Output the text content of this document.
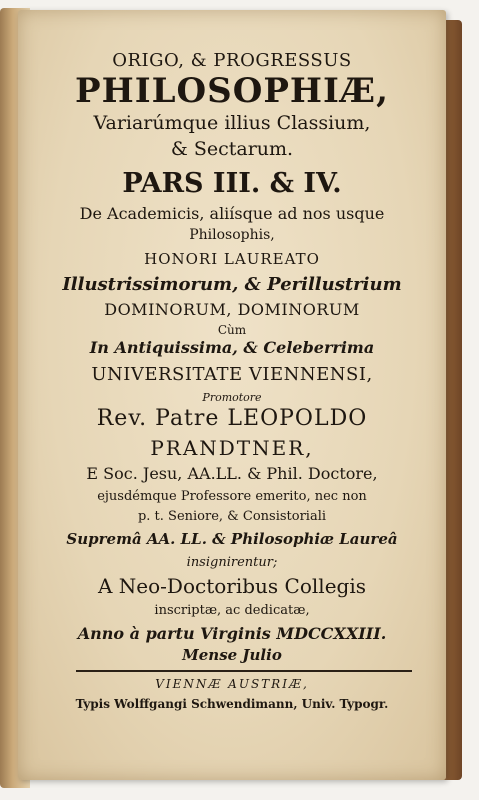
ORIGO, & PROGRESSUS
PHILOSOPHIÆ,
Variarúmque illius Classium,
& Sectarum.
PARS III. & IV.
De Academicis, aliísque ad nos usque
Philosophis,
HONORI LAUREATO
Illustrissimorum, & Perillustrium
DOMINORUM, DOMINORUM
Cùm
In Antiquissima, & Celeberrima
UNIVERSITATE VIENNENSI,
Promotore
Rev. Patre LEOPOLDO
PRANDTNER,
E Soc. Jesu, AA.LL. & Phil. Doctore,
ejusdémque Professore emerito, nec non
p. t. Seniore, & Consistoriali
Supremâ AA. LL. & Philosophiæ Laureâ
insignirentur;
A Neo-Doctoribus Collegis
inscriptæ, ac dedicatæ,
Anno à partu Virginis MDCCXXIII.
Mense Julio
VIENNÆ AUSTRIÆ,
Typis Wolffgangi Schwendimann, Univ. Typogr.
